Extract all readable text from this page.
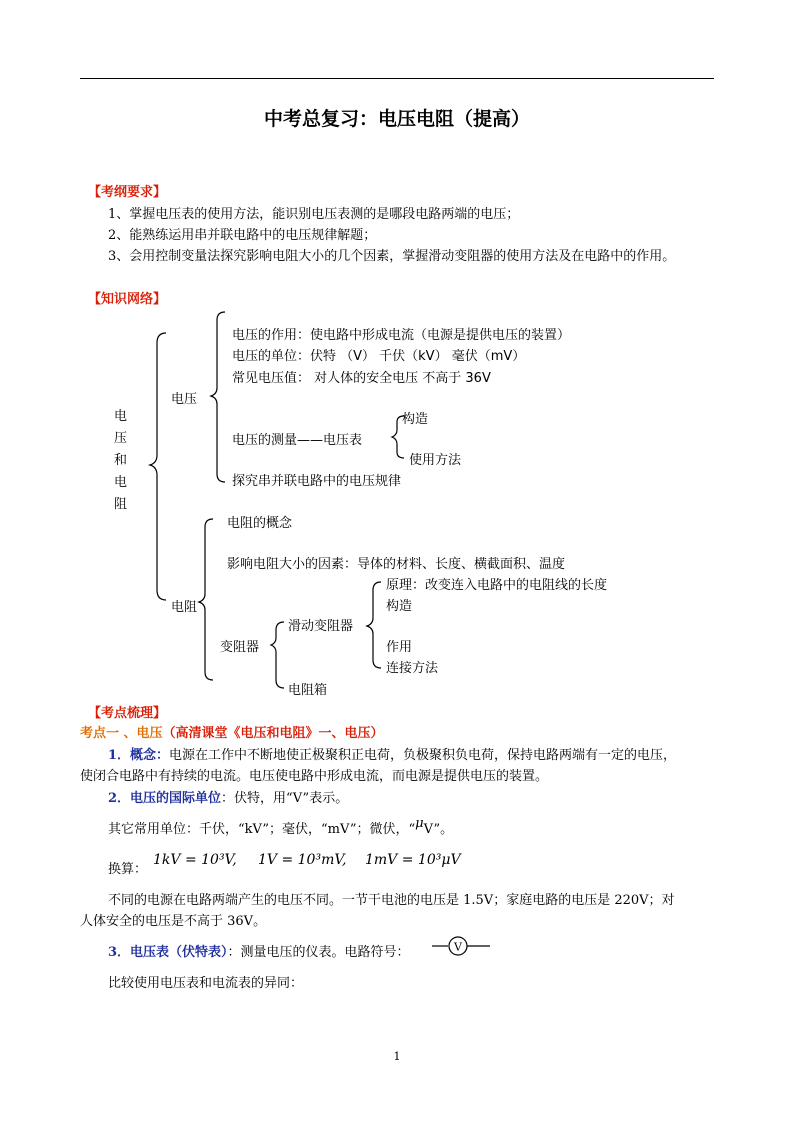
中考总复习：电压电阻（提高）
【考纲要求】
1、掌握电压表的使用方法，能识别电压表测的是哪段电路两端的电压；
2、能熟练运用串并联电路中的电压规律解题；
3、会用控制变量法探究影响电阻大小的几个因素，掌握滑动变阻器的使用方法及在电路中的作用。
【知识网络】
电压和电阻
电压
电压的作用：使电路中形成电流（电源是提供电压的装置）
电压的单位：伏特 （V） 千伏（kV） 毫伏（mV）
常见电压值： 对人体的安全电压 不高于 36V
电压的测量——电压表
探究串并联电路中的电压规律
构造
使用方法
电阻
电阻的概念
影响电阻大小的因素：导体的材料、长度、横截面积、温度
变阻器
滑动变阻器
电阻箱
原理：改变连入电路中的电阻线的长度
构造
作用
连接方法
【考点梳理】
考点一 、电压（高清课堂《电压和电阻》一、电压）
1．概念：电源在工作中不断地使正极聚积正电荷，负极聚积负电荷，保持电路两端有一定的电压，
使闭合电路中有持续的电流。电压使电路中形成电流，而电源是提供电压的装置。
2．电压的国际单位：伏特，用“V”表示。
其它常用单位：千伏，“kV”；毫伏，“mV”；微伏，“μV”。
换算：
1kV = 10³V, 1V = 10³mV, 1mV = 10³μV
不同的电源在电路两端产生的电压不同。一节干电池的电压是 1.5V；家庭电路的电压是 220V；对
人体安全的电压是不高于 36V。
3．电压表（伏特表）：测量电压的仪表。电路符号：	V
比较使用电压表和电流表的异同：
1
